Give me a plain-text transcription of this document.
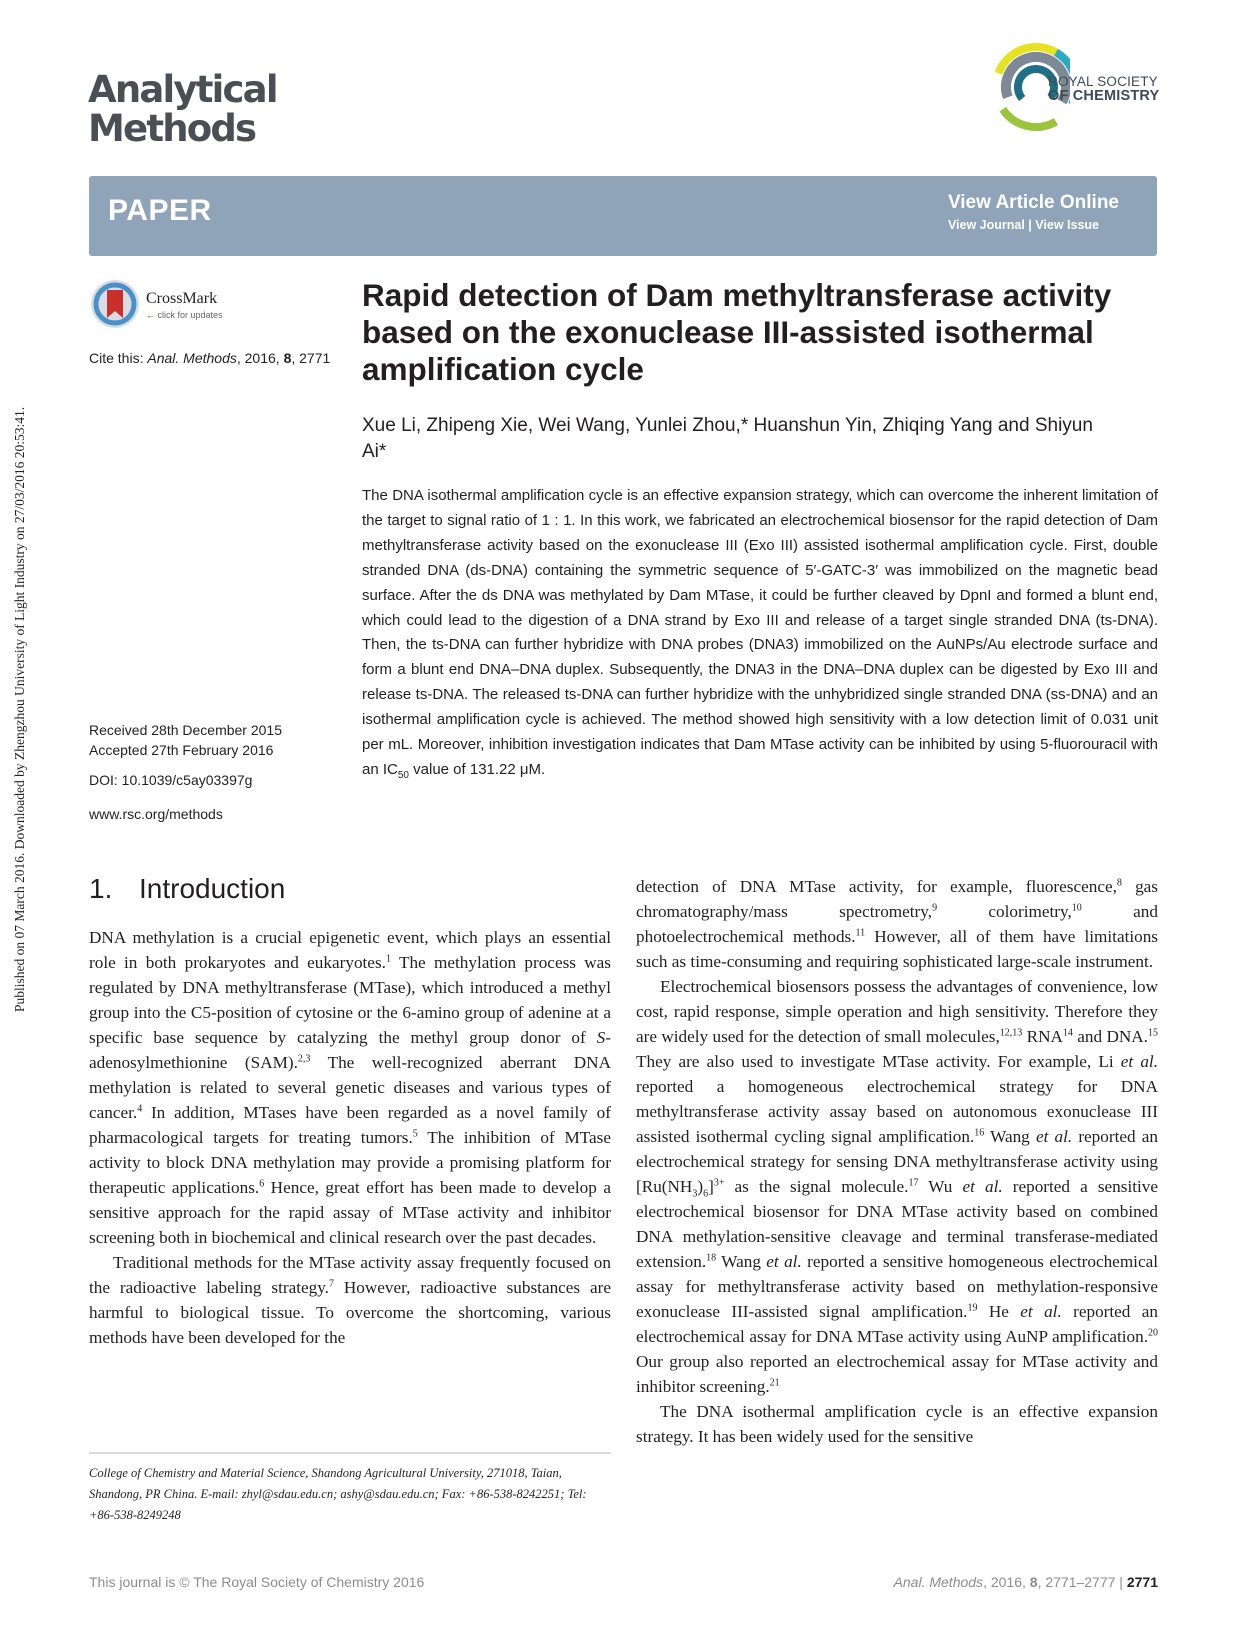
Published on 07 March 2016. Downloaded by Zhengzhou University of Light Industry on 27/03/2016 20:53:41.
Analytical
Methods
ROYAL SOCIETY
OF CHEMISTRY
PAPER	View Article Online
View Journal | View Issue
CrossMark
← click for updates
Cite this: Anal. Methods, 2016, 8, 2771
Received 28th December 2015
Accepted 27th February 2016
DOI: 10.1039/c5ay03397g
www.rsc.org/methods
Rapid detection of Dam methyltransferase activity based on the exonuclease III-assisted isothermal amplification cycle
Xue Li, Zhipeng Xie, Wei Wang, Yunlei Zhou,* Huanshun Yin, Zhiqing Yang and Shiyun Ai*
The DNA isothermal amplification cycle is an effective expansion strategy, which can overcome the inherent limitation of the target to signal ratio of 1 : 1. In this work, we fabricated an electrochemical biosensor for the rapid detection of Dam methyltransferase activity based on the exonuclease III (Exo III) assisted isothermal amplification cycle. First, double stranded DNA (ds-DNA) containing the symmetric sequence of 5′-GATC-3′ was immobilized on the magnetic bead surface. After the ds DNA was methylated by Dam MTase, it could be further cleaved by DpnI and formed a blunt end, which could lead to the digestion of a DNA strand by Exo III and release of a target single stranded DNA (ts-DNA). Then, the ts-DNA can further hybridize with DNA probes (DNA3) immobilized on the AuNPs/Au electrode surface and form a blunt end DNA–DNA duplex. Subsequently, the DNA3 in the DNA–DNA duplex can be digested by Exo III and release ts-DNA. The released ts-DNA can further hybridize with the unhybridized single stranded DNA (ss-DNA) and an isothermal amplification cycle is achieved. The method showed high sensitivity with a low detection limit of 0.031 unit per mL. Moreover, inhibition investigation indicates that Dam MTase activity can be inhibited by using 5-fluorouracil with an $IC_{50}$ value of 131.22 μM.
1. Introduction

DNA methylation is a crucial epigenetic event, which plays an essential role in both prokaryotes and eukaryotes.$^1$ The methylation process was regulated by DNA methyltransferase (MTase), which introduced a methyl group into the C5-position of cytosine or the 6-amino group of adenine at a specific base sequence by catalyzing the methyl group donor of S-adenosylmethionine (SAM).$^{2,3}$ The well-recognized aberrant DNA methylation is related to several genetic diseases and various types of cancer.$^4$ In addition, MTases have been regarded as a novel family of pharmacological targets for treating tumors.$^5$ The inhibition of MTase activity to block DNA methylation may provide a promising platform for therapeutic applications.$^6$ Hence, great effort has been made to develop a sensitive approach for the rapid assay of MTase activity and inhibitor screening both in biochemical and clinical research over the past decades.

Traditional methods for the MTase activity assay frequently focused on the radioactive labeling strategy.$^7$ However, radioactive substances are harmful to biological tissue. To overcome the shortcoming, various methods have been developed for the

detection of DNA MTase activity, for example, fluorescence,$^8$ gas chromatography/mass spectrometry,$^9$ colorimetry,$^{10}$ and photoelectrochemical methods.$^{11}$ However, all of them have limitations such as time-consuming and requiring sophisticated large-scale instrument.

Electrochemical biosensors possess the advantages of convenience, low cost, rapid response, simple operation and high sensitivity. Therefore they are widely used for the detection of small molecules,$^{12,13}$ RNA$^{14}$ and DNA.$^{15}$ They are also used to investigate MTase activity. For example, Li et al. reported a homogeneous electrochemical strategy for DNA methyltransferase activity assay based on autonomous exonuclease III assisted isothermal cycling signal amplification.$^{16}$ Wang et al. reported an electrochemical strategy for sensing DNA methyltransferase activity using $[Ru(NH_3)_6]^{3+}$ as the signal molecule.$^{17}$ Wu et al. reported a sensitive electrochemical biosensor for DNA MTase activity based on combined DNA methylation-sensitive cleavage and terminal transferase-mediated extension.$^{18}$ Wang et al. reported a sensitive homogeneous electrochemical assay for methyltransferase activity based on methylation-responsive exonuclease III-assisted signal amplification.$^{19}$ He et al. reported an electrochemical assay for DNA MTase activity using AuNP amplification.$^{20}$ Our group also reported an electrochemical assay for MTase activity and inhibitor screening.$^{21}$

The DNA isothermal amplification cycle is an effective expansion strategy. It has been widely used for the sensitive

College of Chemistry and Material Science, Shandong Agricultural University, 271018, Taian, Shandong, PR China. E-mail: zhyl@sdau.edu.cn; ashy@sdau.edu.cn; Fax: +86-538-8242251; Tel: +86-538-8249248
This journal is © The Royal Society of Chemistry 2016	Anal. Methods, 2016, 8, 2771–2777 | 2771
